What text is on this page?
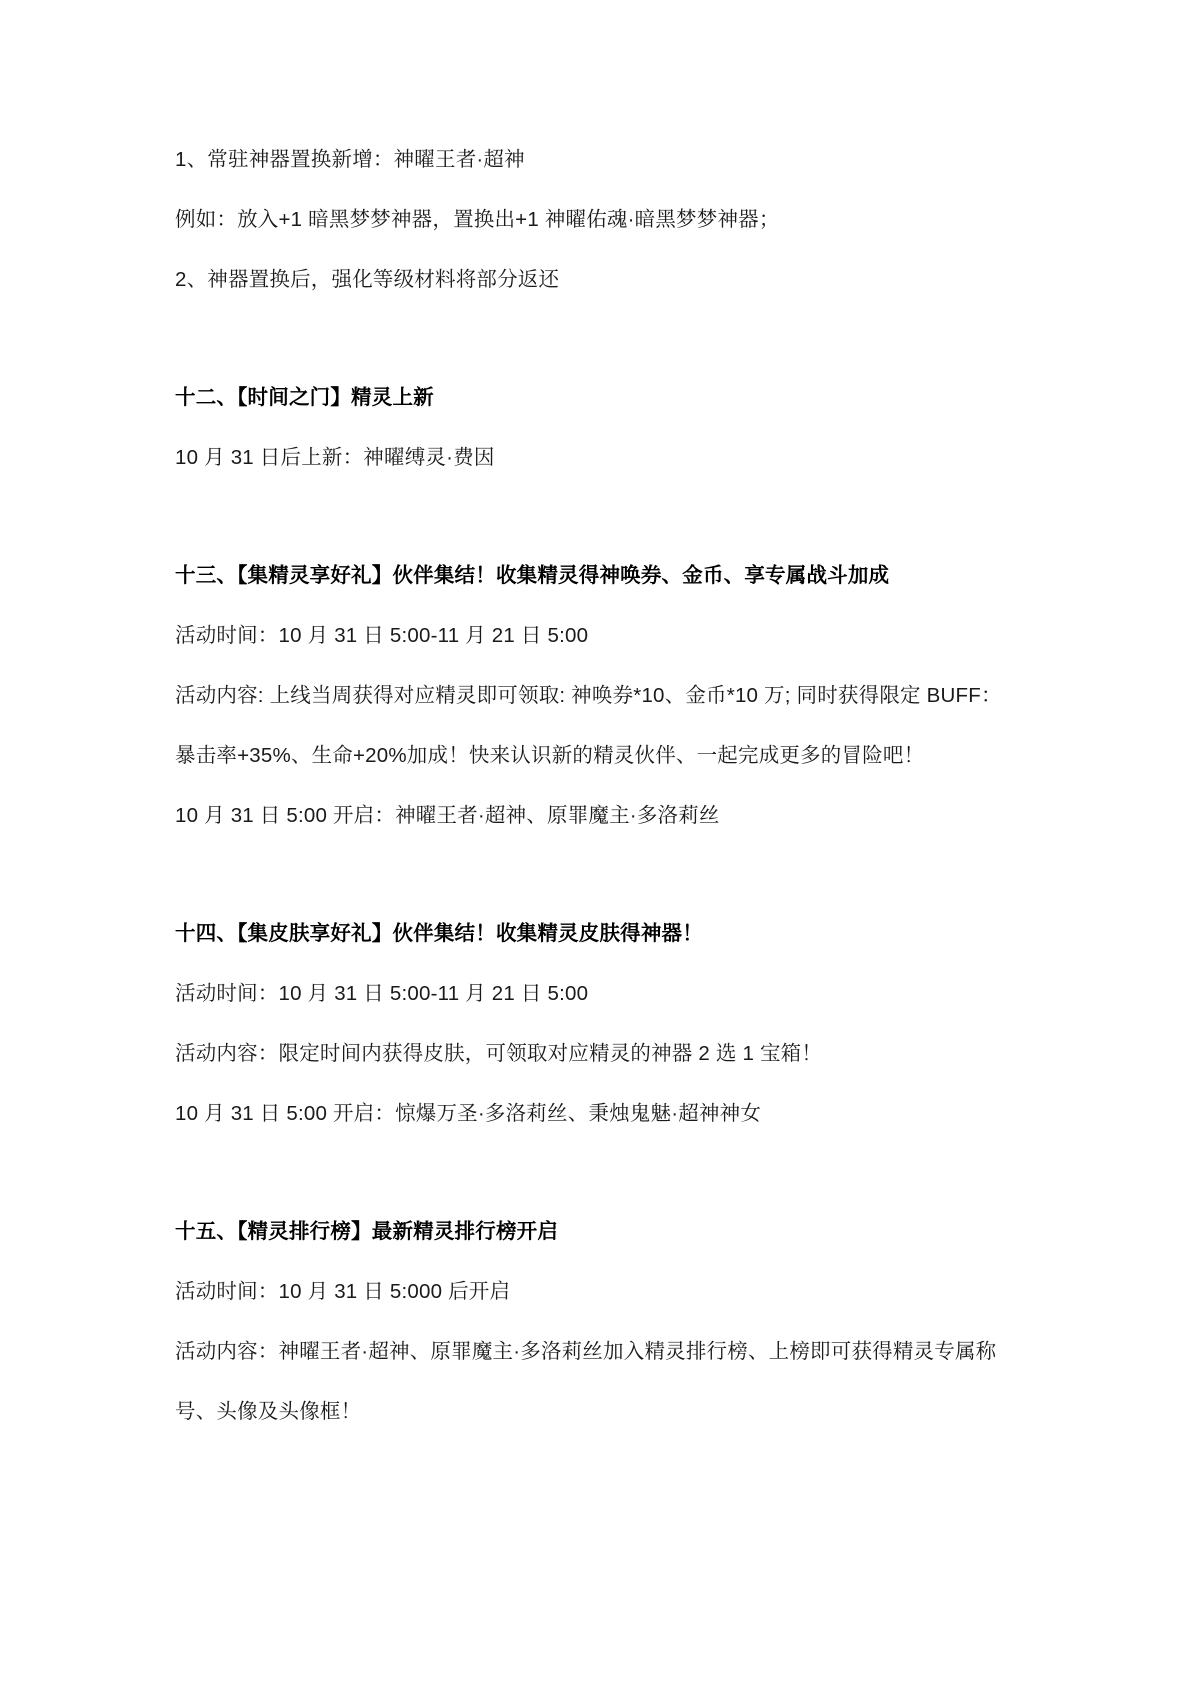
1、常驻神器置换新增：神曜王者·超神

例如：放入+1 暗黑梦梦神器，置换出+1 神曜佑魂·暗黑梦梦神器；

2、神器置换后，强化等级材料将部分返还

十二、【时间之门】精灵上新

10 月 31 日后上新：神曜缚灵·费因

十三、【集精灵享好礼】伙伴集结！收集精灵得神唤券、金币、享专属战斗加成

活动时间：10 月 31 日 5:00-11 月 21 日 5:00

活动内容: 上线当周获得对应精灵即可领取: 神唤券*10、金币*10 万; 同时获得限定 BUFF：

暴击率+35%、生命+20%加成！快来认识新的精灵伙伴、一起完成更多的冒险吧！

10 月 31 日 5:00 开启：神曜王者·超神、原罪魔主·多洛莉丝

十四、【集皮肤享好礼】伙伴集结！收集精灵皮肤得神器！

活动时间：10 月 31 日 5:00-11 月 21 日 5:00

活动内容：限定时间内获得皮肤，可领取对应精灵的神器 2 选 1 宝箱！

10 月 31 日 5:00 开启：惊爆万圣·多洛莉丝、秉烛鬼魅·超神神女

十五、【精灵排行榜】最新精灵排行榜开启

活动时间：10 月 31 日 5:000 后开启

活动内容：神曜王者·超神、原罪魔主·多洛莉丝加入精灵排行榜、上榜即可获得精灵专属称

号、头像及头像框！
